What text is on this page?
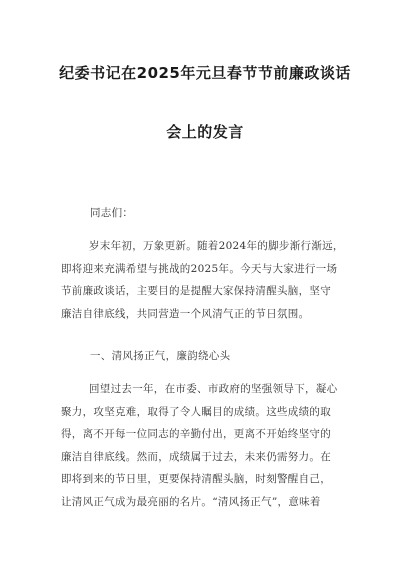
纪委书记在2025年元旦春节节前廉政谈话
会上的发言
同志们：
岁末年初，万象更新。随着2024年的脚步渐行渐远，
即将迎来充满希望与挑战的2025年。今天与大家进行一场
节前廉政谈话，主要目的是提醒大家保持清醒头脑，坚守
廉洁自律底线，共同营造一个风清气正的节日氛围。
一、清风扬正气，廉韵绕心头
回望过去一年，在市委、市政府的坚强领导下，凝心
聚力，攻坚克难，取得了令人瞩目的成绩。这些成绩的取
得，离不开每一位同志的辛勤付出，更离不开始终坚守的
廉洁自律底线。然而，成绩属于过去，未来仍需努力。在
即将到来的节日里，更要保持清醒头脑，时刻警醒自己，
让清风正气成为最亮丽的名片。“清风扬正气”，意味着
